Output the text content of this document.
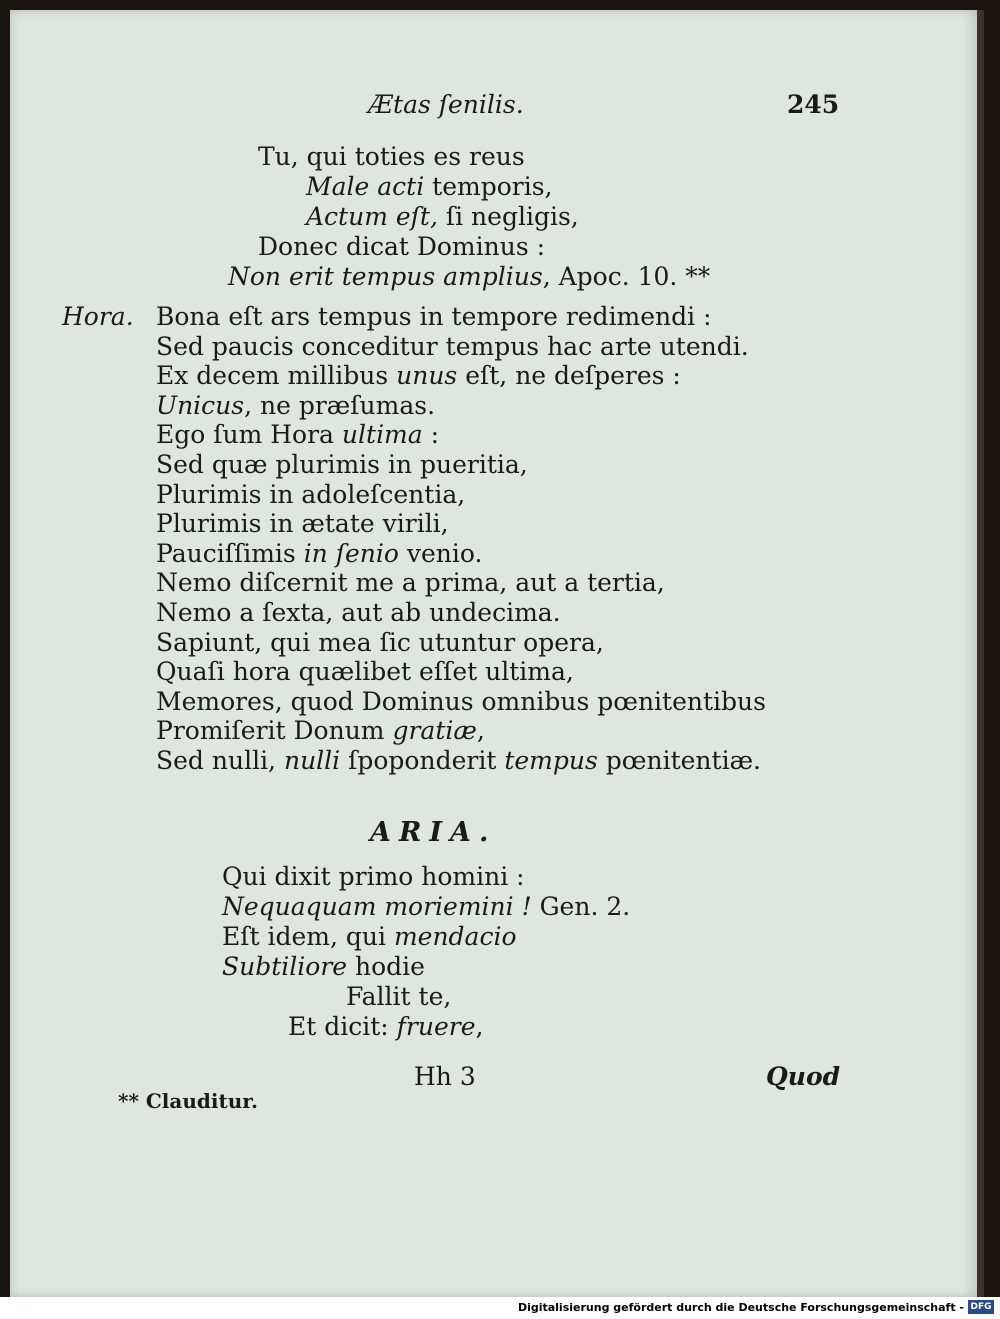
Ætas ſenilis.	245
Tu, qui toties es reus
Male acti temporis,
Actum eſt, ſi negligis,
Donec dicat Dominus :
Non erit tempus amplius, Apoc. 10. **
Hora. Bona eſt ars tempus in tempore redimendi :
Sed paucis conceditur tempus hac arte utendi.
Ex decem millibus unus eſt, ne deſperes :
Unicus, ne præſumas.
Ego ſum Hora ultima :
Sed quæ plurimis in pueritia,
Plurimis in adoleſcentia,
Plurimis in ætate virili,
Pauciſſimis in ſenio venio.
Nemo diſcernit me a prima, aut a tertia,
Nemo a ſexta, aut ab undecima.
Sapiunt, qui mea ſic utuntur opera,
Quaſi hora quælibet eſſet ultima,
Memores, quod Dominus omnibus pœnitentibus
Promiſerit Donum gratiæ,
Sed nulli, nulli ſpoponderit tempus pœnitentiæ.
ARIA.
Qui dixit primo homini :
Nequaquam moriemini ! Gen. 2.
Eſt idem, qui mendacio
Subtiliore hodie
Fallit te,
Et dicit: fruere,
Hh 3	Quod
** Clauditur.
Digitalisierung gefördert durch die Deutsche Forschungsgemeinschaft - DFG
